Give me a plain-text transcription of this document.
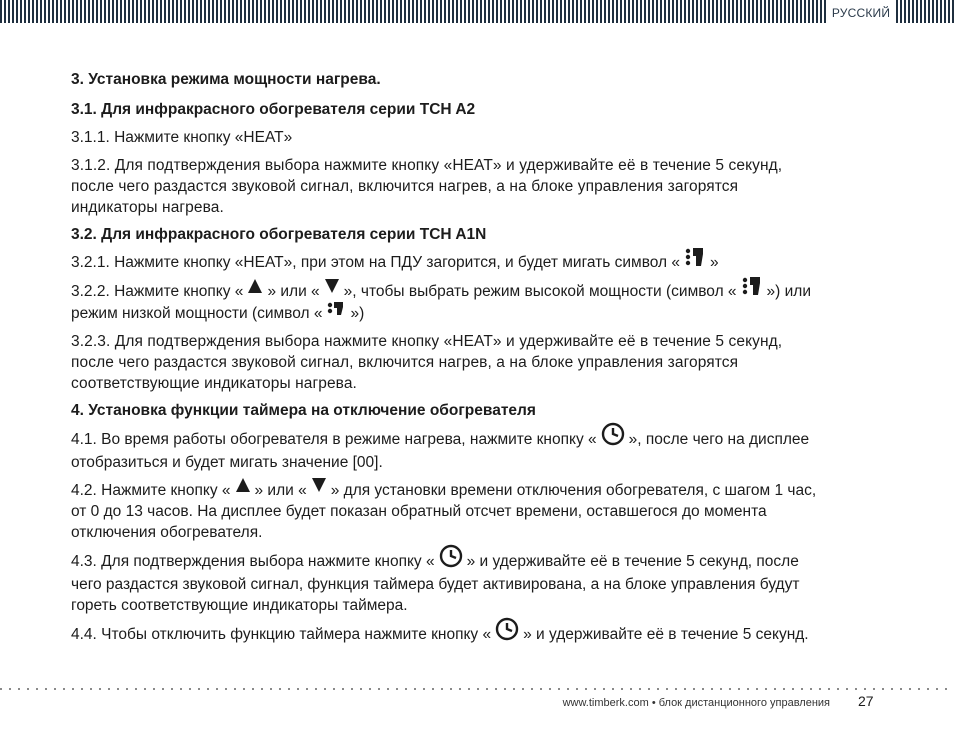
РУССКИЙ
3. Установка режима мощности нагрева.
3.1. Для инфракрасного обогревателя серии TCH A2
3.1.1. Нажмите кнопку «HEAT»
3.1.2. Для подтверждения выбора нажмите кнопку «HEAT» и удерживайте её в течение 5 секунд, после чего раздастся звуковой сигнал, включится нагрев, а на блоке управления загорятся индикаторы нагрева.
3.2. Для инфракрасного обогревателя серии TCH A1N
3.2.1. Нажмите кнопку «HEAT», при этом на ПДУ загорится, и будет мигать символ « »
3.2.2. Нажмите кнопку « » или « », чтобы выбрать режим высокой мощности (символ « ») или режим низкой мощности (символ « »)
3.2.3. Для подтверждения выбора нажмите кнопку «HEAT» и удерживайте её в течение 5 секунд, после чего раздастся звуковой сигнал, включится нагрев, а на блоке управления загорятся соответствующие индикаторы нагрева.
4. Установка функции таймера на отключение обогревателя
4.1. Во время работы обогревателя в режиме нагрева, нажмите кнопку « », после чего на дисплее отобразиться и будет мигать значение [00].
4.2. Нажмите кнопку « » или « » для установки времени отключения обогревателя, с шагом 1 час, от 0 до 13 часов. На дисплее будет показан обратный отсчет времени, оставшегося до момента отключения обогревателя.
4.3. Для подтверждения выбора нажмите кнопку « » и удерживайте её в течение 5 секунд, после чего раздастся звуковой сигнал, функция таймера будет активирована, а на блоке управления будут гореть соответствующие индикаторы таймера.
4.4. Чтобы отключить функцию таймера нажмите кнопку « » и удерживайте её в течение 5 секунд.
www.timberk.com • блок дистанционного управления 27
